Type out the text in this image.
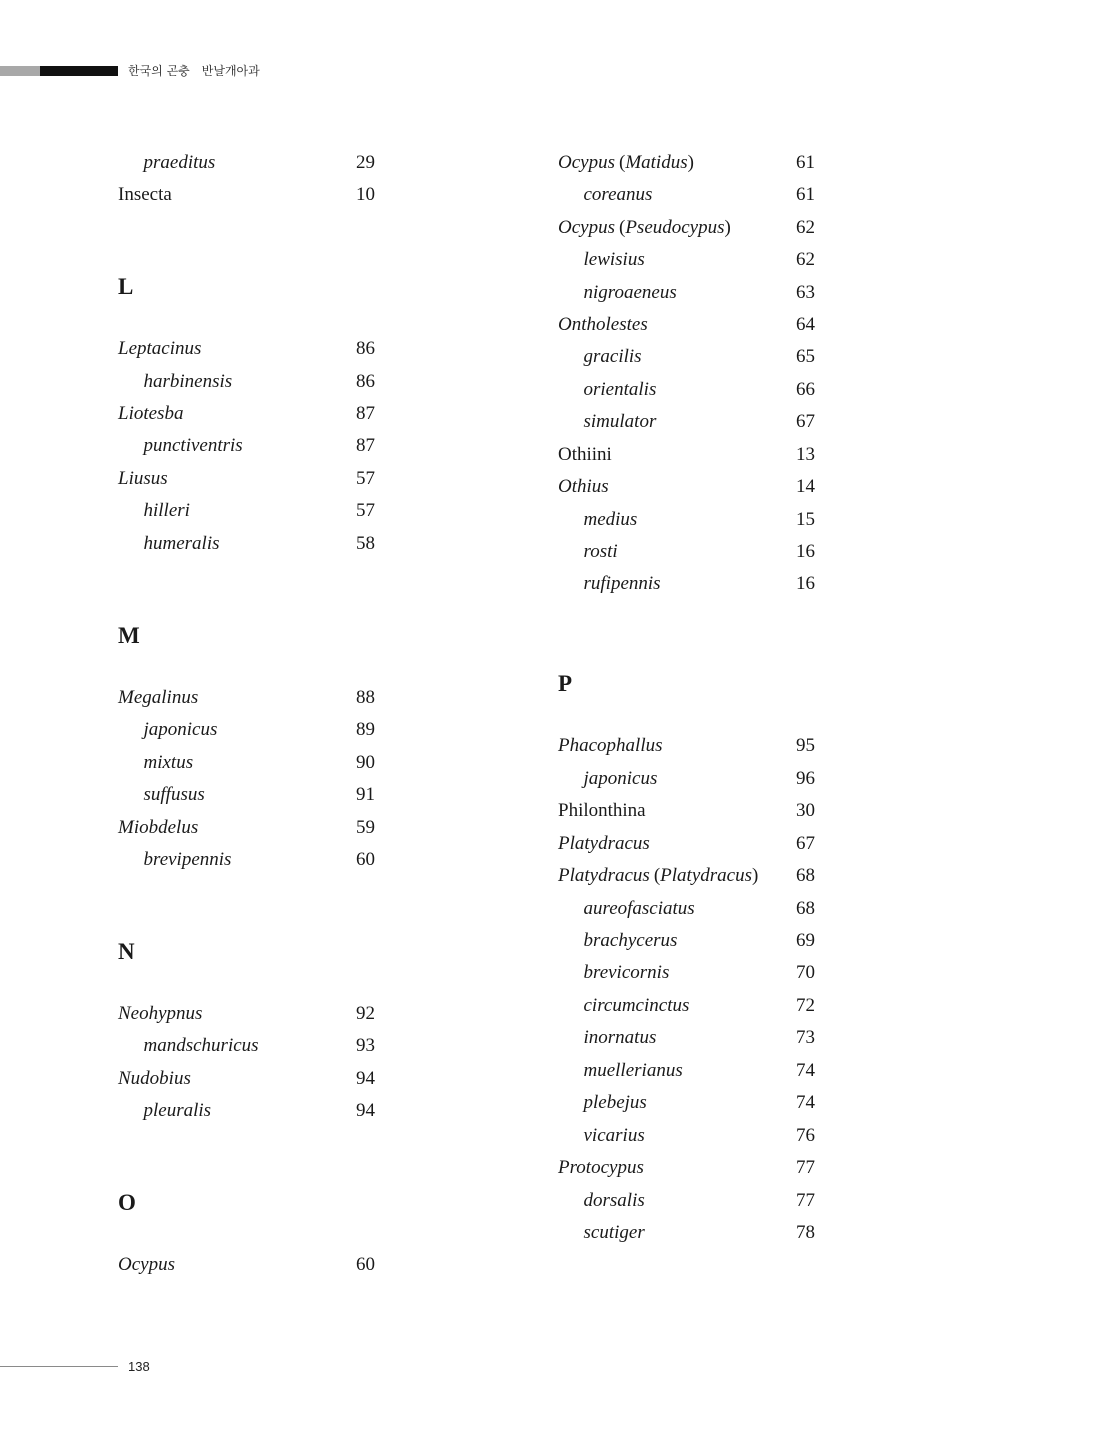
한국의 곤충 반날개아과
praeditus	29
Insecta	10
L
Leptacinus	86
harbinensis	86
Liotesba	87
punctiventris	87
Liusus	57
hilleri	57
humeralis	58
M
Megalinus	88
japonicus	89
mixtus	90
suffusus	91
Miobdelus	59
brevipennis	60
N
Neohypnus	92
mandschuricus	93
Nudobius	94
pleuralis	94
O
Ocypus	60
Ocypus (Matidus)	61
coreanus	61
Ocypus (Pseudocypus)	62
lewisius	62
nigroaeneus	63
Ontholestes	64
gracilis	65
orientalis	66
simulator	67
Othiini	13
Othius	14
medius	15
rosti	16
rufipennis	16
P
Phacophallus	95
japonicus	96
Philonthina	30
Platydracus	67
Platydracus (Platydracus) 68
aureofasciatus	68
brachycerus	69
brevicornis	70
circumcinctus	72
inornatus	73
muellerianus	74
plebejus	74
vicarius	76
Protocypus	77
dorsalis	77
scutiger	78
138
